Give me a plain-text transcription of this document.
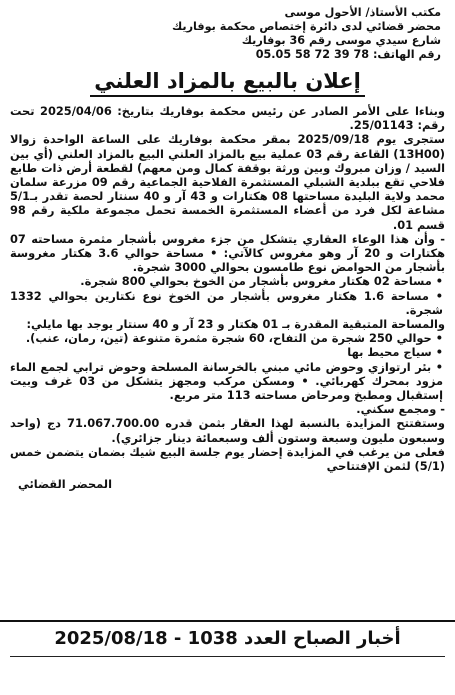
مكتب الأستاذ/ الأحول موسى
محضر قضائي لدى دائرة إختصاص محكمة بوفاريك
شارع سيدي موسى رقم 36 بوفاريك
رقم الهاتف: 78 39 72 58 05.05
إعلان بالبيع بالمزاد العلني

وبناءا على الأمر الصادر عن رئيس محكمة بوفاريك بتاريخ: 2025/04/06 تحت رقم: 25/01143.

ستجرى يوم 2025/09/18 بمقر محكمة بوفاريك على الساعة الواحدة زوالا (13H00) القاعة رقم 03 عملية بيع بالمزاد العلني البيع بالمزاد العلني (أي بين السيد / وزان مبروك وبين ورثة بوقفة كمال ومن معهم) لقطعة أرض ذات طابع فلاحي تقع ببلدية الشبلي المستثمرة الفلاحية الجماعية رقم 09 مزرعة سلمان محمد ولاية البليدة مساحتها 08 هكتارات و 43 آر و 40 سنتار لحصة تقدر بـ5/1 مشاعة لكل فرد من أعضاء المستثمرة الخمسة تحمل مجموعة ملكية رقم 98 قسم 01.

- وأن هذا الوعاء العقاري يتشكل من جزء مغروس بأشجار مثمرة مساحته 07 هكتارات و 20 آر وهو مغروس كالآتي: • مساحة حوالي 3.6 هكتار مغروسة بأشجار من الحوامض نوع طامسون بحوالي 3000 شجرة.

• مساحة 02 هكتار مغروس بأشجار من الخوخ بحوالي 800 شجرة.

• مساحة 1.6 هكتار مغروس بأشجار من الخوخ نوع نكتارين بحوالي 1332 شجرة.

والمساحة المتبقية المقدرة بـ 01 هكتار و 23 آر و 40 سنتار يوجد بها مايلي:

• حوالي 250 شجرة من التفاح، 60 شجرة مثمرة متنوعة (تين، رمان، عنب).

• سياج محيط بها

• بئر ارتوازي وحوض مائي مبني بالخرسانة المسلحة وحوض ترابي لجمع الماء مزود بمحرك كهربائي. • ومسكن مركب ومجهز يتشكل من 03 غرف وبيت إستقبال ومطبخ ومرحاض مساحته 113 متر مربع.

- ومجمع سكني.

وستفتتح المزايدة بالنسبة لهذا العقار بثمن قدره 71.067.700.00 دج (واحد وسبعون مليون وسبعة وستون ألف وسبعمائة دينار جزائري).

فعلى من يرغب في المزايدة إحضار يوم جلسة البيع شيك بضمان يتضمن خمس (5/1) لثمن الإفتتاحي

المحضر القضائي
أخبار الصباح العدد 1038 - 2025/08/18
